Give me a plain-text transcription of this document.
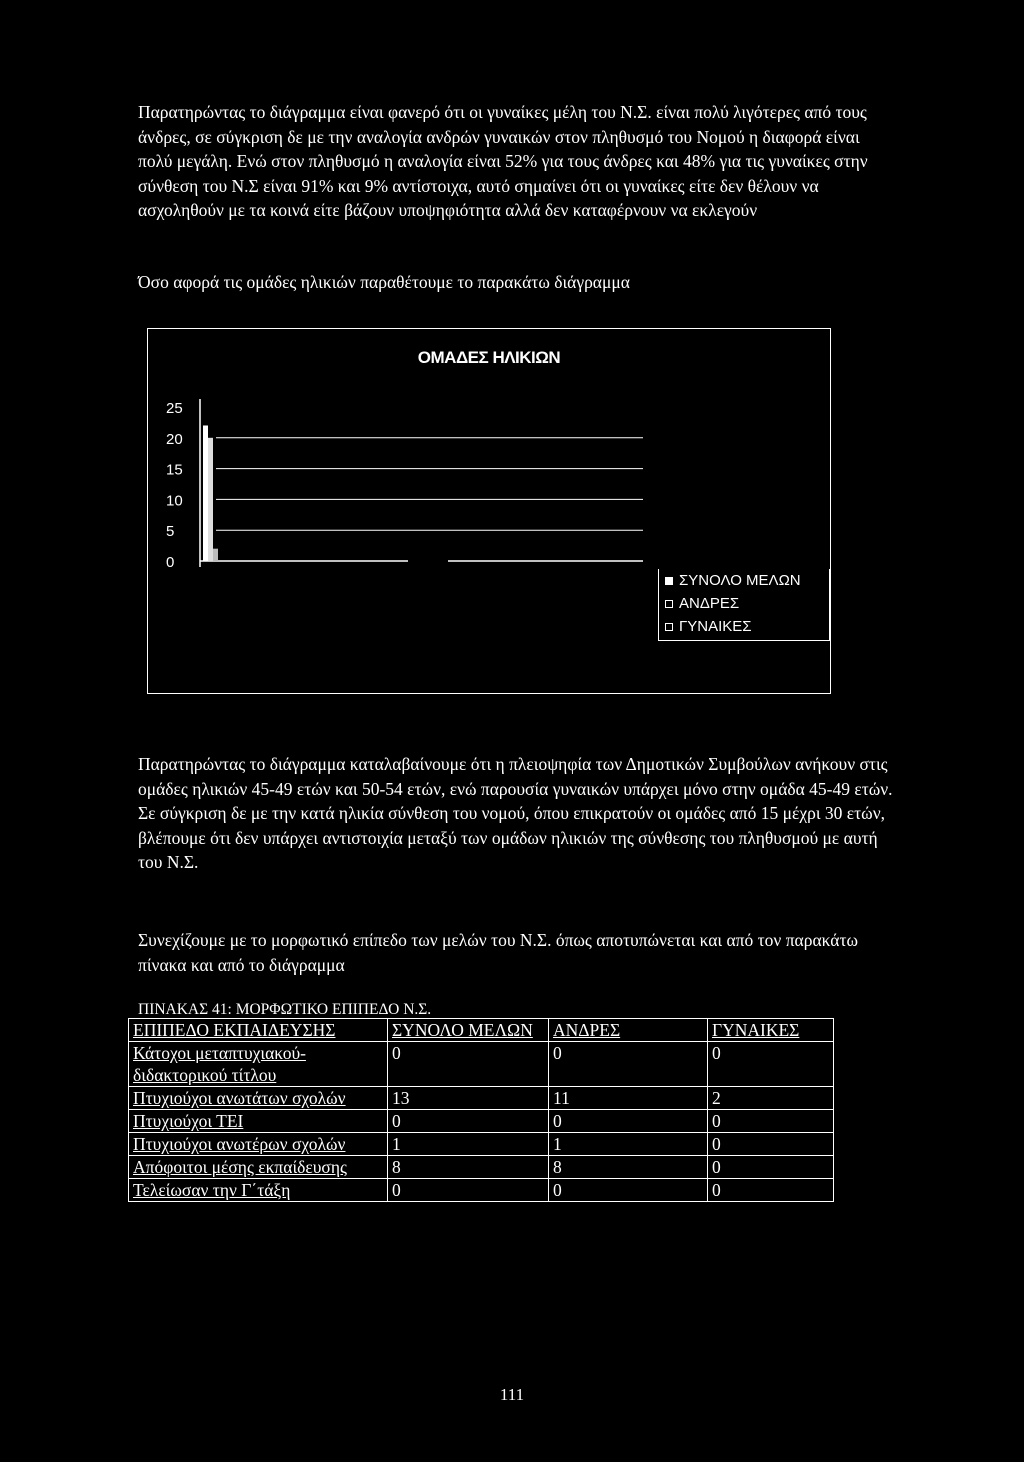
Παρατηρώντας το διάγραμμα είναι φανερό ότι οι γυναίκες μέλη του Ν.Σ. είναι πολύ λιγότερες από τους άνδρες, σε σύγκριση δε με την αναλογία ανδρών γυναικών στον πληθυσμό του Νομού η διαφορά είναι πολύ μεγάλη. Ενώ στον πληθυσμό η αναλογία είναι 52% για τους άνδρες και 48% για τις γυναίκες στην σύνθεση του Ν.Σ είναι 91% και 9% αντίστοιχα, αυτό σημαίνει ότι οι γυναίκες είτε δεν θέλουν να ασχοληθούν με τα κοινά είτε βάζουν υποψηφιότητα αλλά δεν καταφέρνουν να εκλεγούν

Όσο αφορά τις ομάδες ηλικιών παραθέτουμε το παρακάτω διάγραμμα

ΟΜΑΔΕΣ ΗΛΙΚΙΩΝ
25
20
15
10
5
0
ΣΥΝΟΛΟ ΜΕΛΩΝ
ΑΝΔΡΕΣ
ΓΥΝΑΙΚΕΣ

Παρατηρώντας το διάγραμμα καταλαβαίνουμε ότι η πλειοψηφία των Δημοτικών Συμβούλων ανήκουν στις ομάδες ηλικιών 45-49 ετών και 50-54 ετών, ενώ παρουσία γυναικών υπάρχει μόνο στην ομάδα 45-49 ετών. Σε σύγκριση δε με την κατά ηλικία σύνθεση του νομού, όπου επικρατούν οι ομάδες από 15 μέχρι 30 ετών, βλέπουμε ότι δεν υπάρχει αντιστοιχία μεταξύ των ομάδων ηλικιών της σύνθεσης του πληθυσμού με αυτή του Ν.Σ.

Συνεχίζουμε με το μορφωτικό επίπεδο των μελών του Ν.Σ. όπως αποτυπώνεται και από τον παρακάτω πίνακα και από το διάγραμμα

ΠΙΝΑΚΑΣ 41: ΜΟΡΦΩΤΙΚΟ ΕΠΙΠΕΔΟ Ν.Σ.
ΕΠΙΠΕΔΟ ΕΚΠΑΙΔΕΥΣΗΣ	ΣΥΝΟΛΟ ΜΕΛΩΝ	ΑΝΔΡΕΣ	ΓΥΝΑΙΚΕΣ
Κάτοχοι μεταπτυχιακού-διδακτορικού τίτλου	0	0	0
Πτυχιούχοι ανωτάτων σχολών	13	11	2
Πτυχιούχοι ΤΕΙ	0	0	0
Πτυχιούχοι ανωτέρων σχολών	1	1	0
Απόφοιτοι μέσης εκπαίδευσης	8	8	0
Τελείωσαν την Γ΄τάξη	0	0	0
111
